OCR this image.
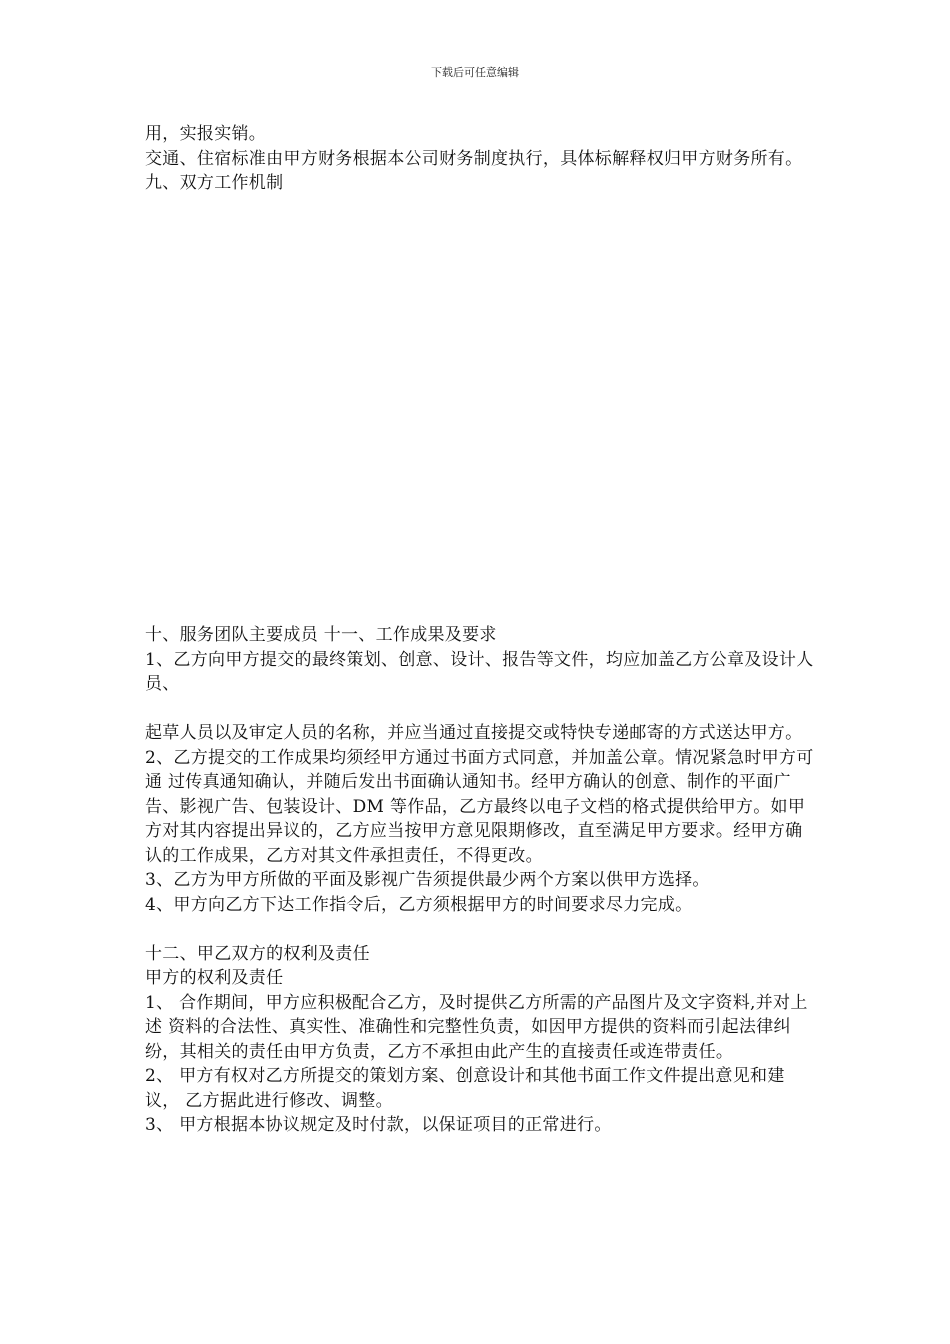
下载后可任意编辑

用，实报实销。

交通、住宿标准由甲方财务根据本公司财务制度执行，具体标解释权归甲方财务所有。

九、双方工作机制

十、服务团队主要成员 十一、工作成果及要求

1、乙方向甲方提交的最终策划、创意、设计、报告等文件，均应加盖乙方公章及设计人员、

起草人员以及审定人员的名称，并应当通过直接提交或特快专递邮寄的方式送达甲方。

2、乙方提交的工作成果均须经甲方通过书面方式同意，并加盖公章。情况紧急时甲方可通 过传真通知确认，并随后发出书面确认通知书。经甲方确认的创意、制作的平面广告、影视广告、包装设计、DM 等作品，乙方最终以电子文档的格式提供给甲方。如甲方对其内容提出异议的，乙方应当按甲方意见限期修改，直至满足甲方要求。经甲方确认的工作成果，乙方对其文件承担责任，不得更改。

3、乙方为甲方所做的平面及影视广告须提供最少两个方案以供甲方选择。

4、甲方向乙方下达工作指令后，乙方须根据甲方的时间要求尽力完成。

十二、甲乙双方的权利及责任

甲方的权利及责任

1、 合作期间，甲方应积极配合乙方，及时提供乙方所需的产品图片及文字资料,并对上述 资料的合法性、真实性、准确性和完整性负责，如因甲方提供的资料而引起法律纠纷，其相关的责任由甲方负责，乙方不承担由此产生的直接责任或连带责任。

2、 甲方有权对乙方所提交的策划方案、创意设计和其他书面工作文件提出意见和建议， 乙方据此进行修改、调整。

3、 甲方根据本协议规定及时付款，以保证项目的正常进行。
